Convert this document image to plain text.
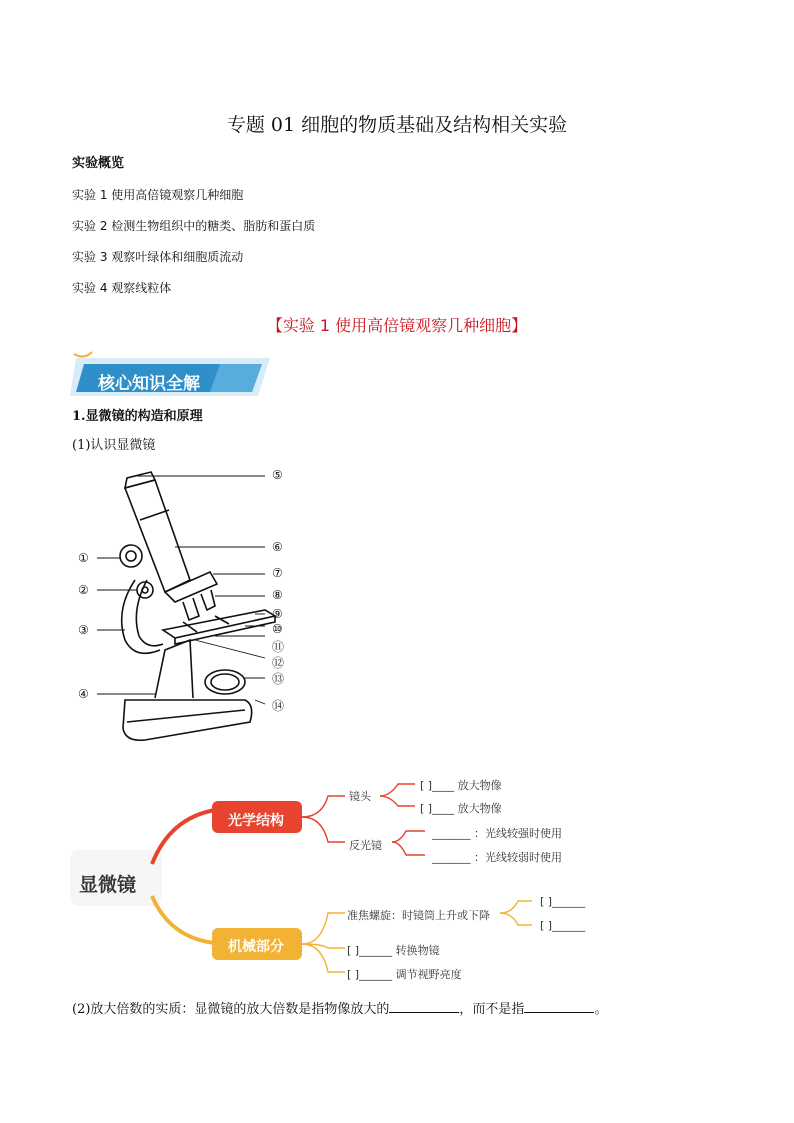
专题 01 细胞的物质基础及结构相关实验
实验概览
实验 1 使用高倍镜观察几种细胞
实验 2 检测生物组织中的糖类、脂肪和蛋白质
实验 3 观察叶绿体和细胞质流动
实验 4 观察线粒体
【实验 1 使用高倍镜观察几种细胞】
核心知识全解
1.显微镜的构造和原理
(1)认识显微镜
⑤
⑥
⑦
⑧
⑨
⑩
⑪
⑫
⑬
⑭
①
②
③
④
显微镜
光学结构
机械部分
镜头
[ ]____ 放大物像
[ ]____ 放大物像
反光镜
_______ ：光线较强时使用
_______ ：光线较弱时使用
准焦螺旋：时镜筒上升或下降
[ ]______
[ ]______
[ ]______ 转换物镜
[ ]______ 调节视野亮度
(2)放大倍数的实质：显微镜的放大倍数是指物像放大的	，而不是指	。
